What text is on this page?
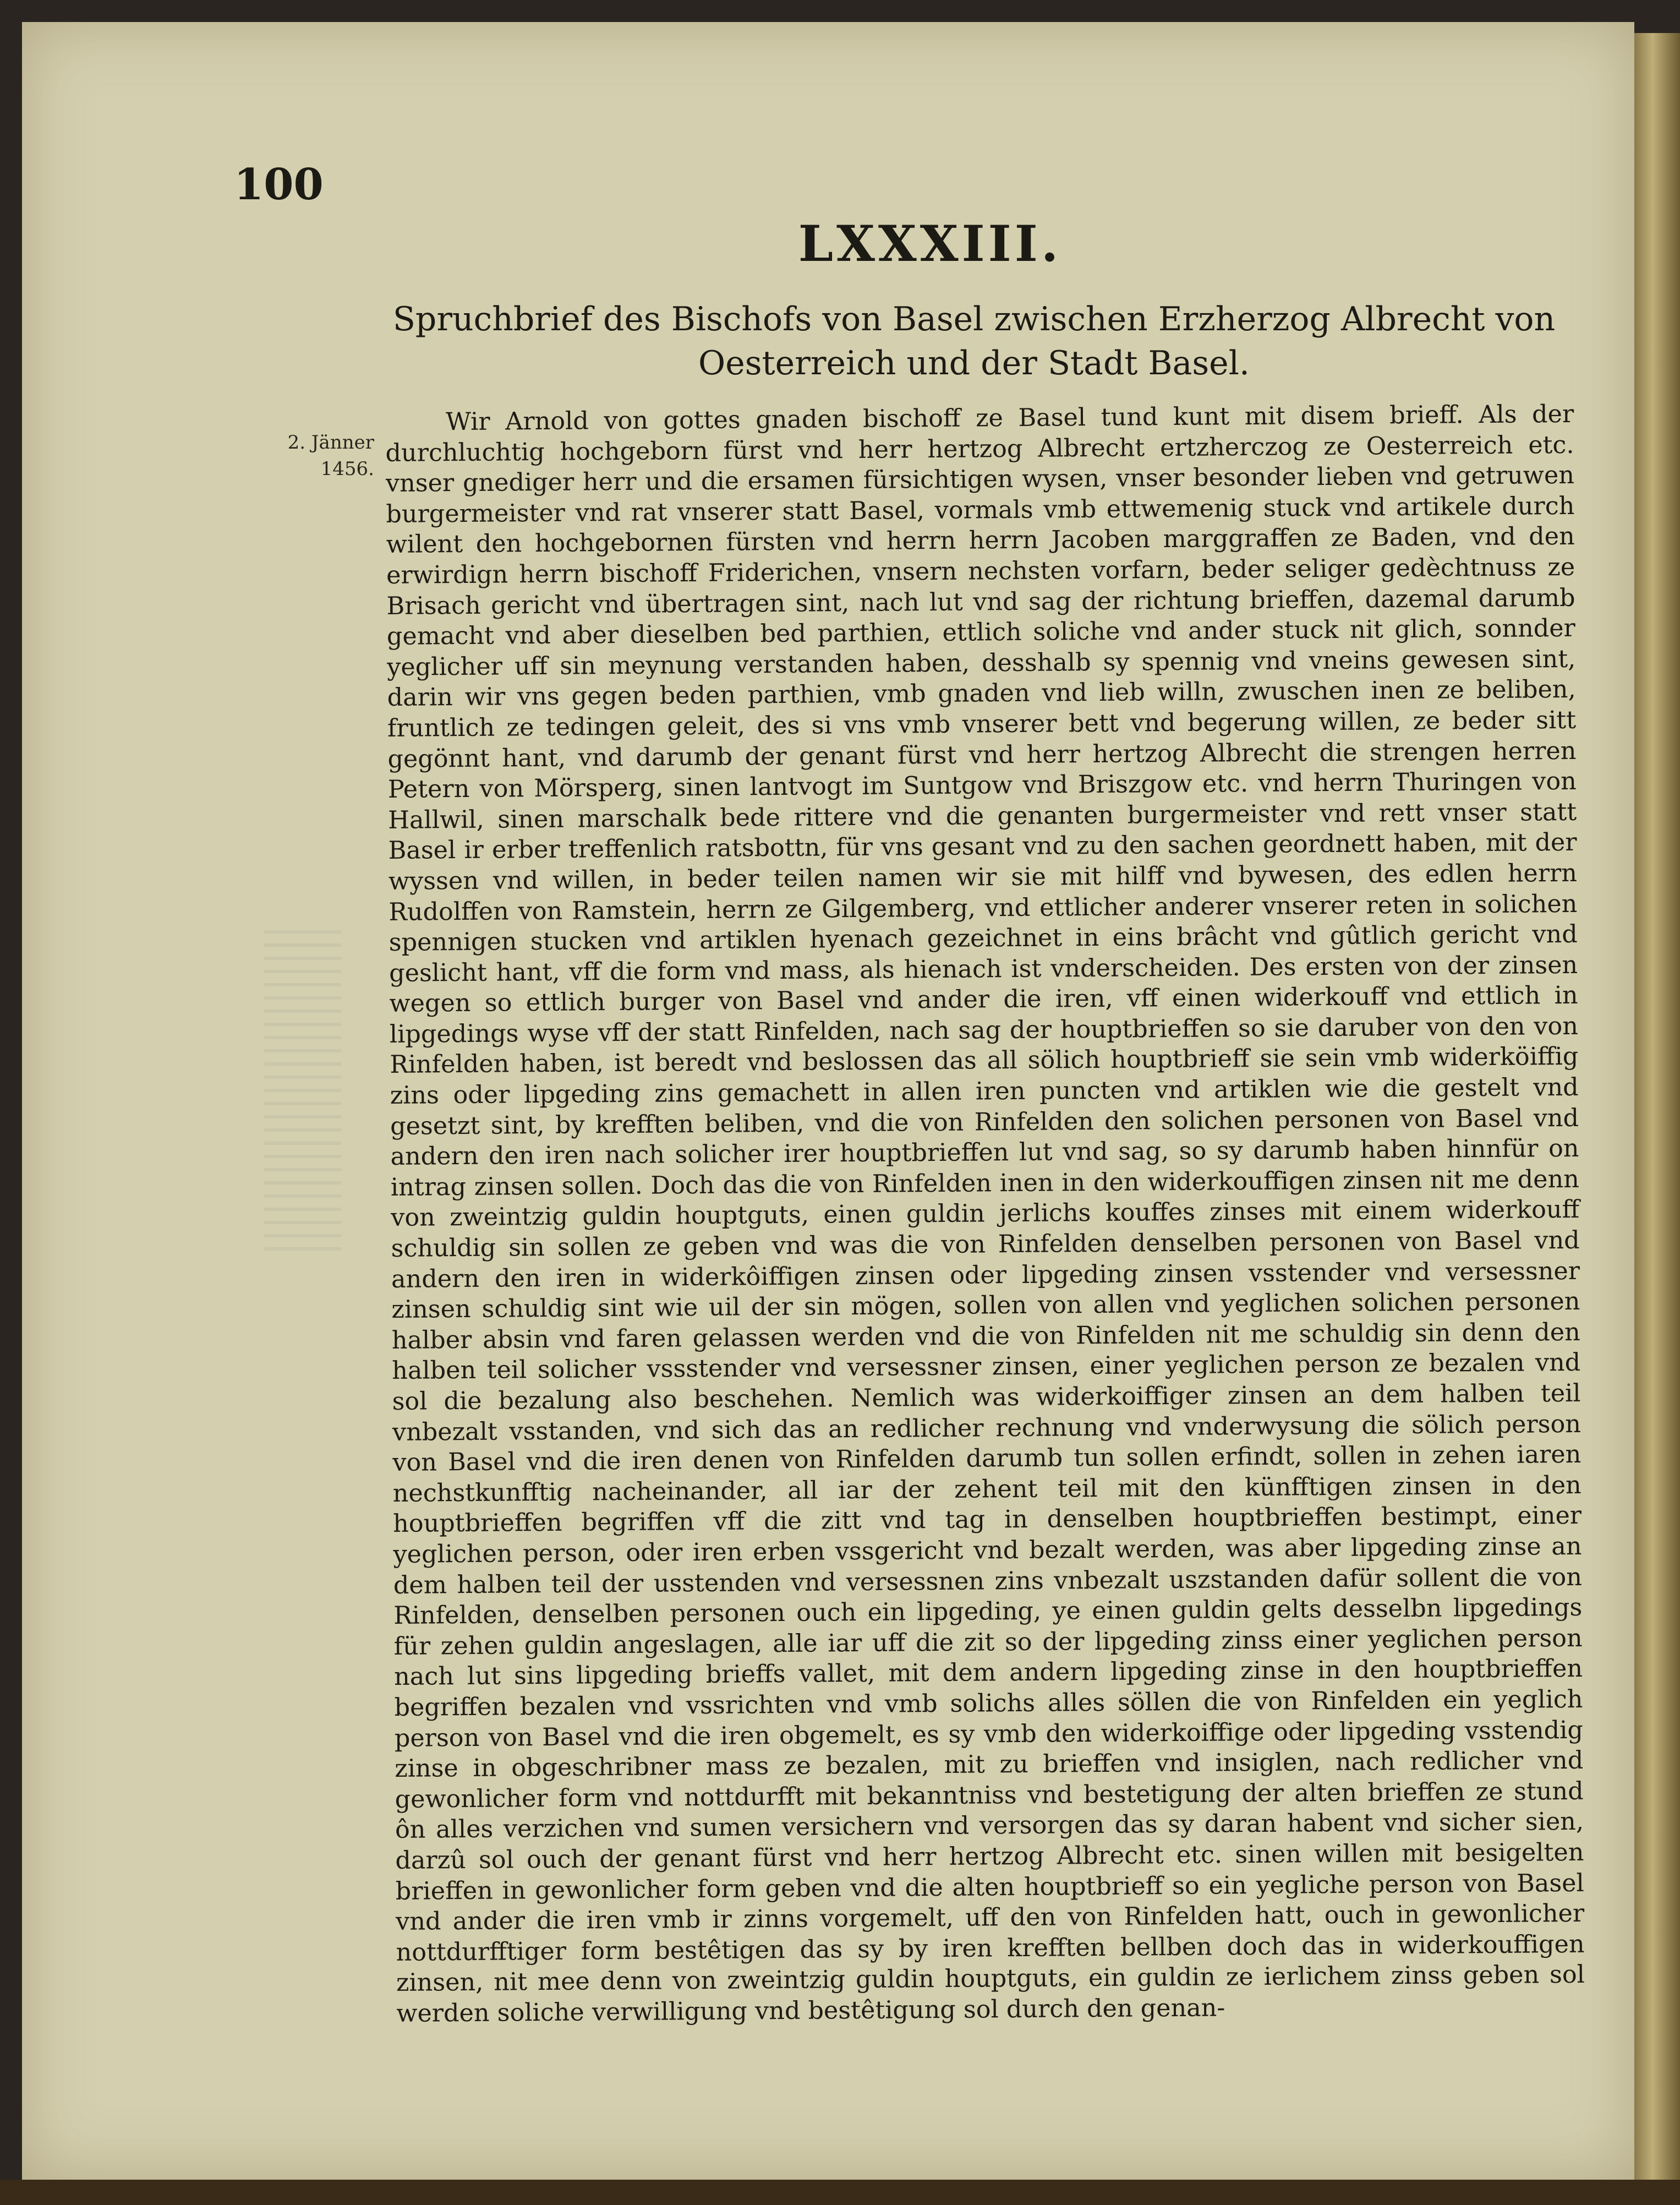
100
LXXXIII.
Spruchbrief des Bischofs von Basel zwischen Erzherzog Albrecht von Oesterreich und der Stadt Basel.
2. Jänner
1456.

Wir Arnold von gottes gnaden bischoff ze Basel tund kunt mit disem brieff. Als der durchluchtig hochgeborn fürst vnd herr hertzog Albrecht ertzherczog ze Oesterreich etc. vnser gnediger herr und die ersamen fürsichtigen wysen, vnser besonder lieben vnd getruwen burgermeister vnd rat vnserer statt Basel, vormals vmb ettwemenig stuck vnd artikele durch wilent den hochgebornen fürsten vnd herrn herrn Jacoben marggraffen ze Baden, vnd den erwirdign herrn bischoff Friderichen, vnsern nechsten vorfarn, beder seliger gedèchtnuss ze Brisach gericht vnd übertragen sint, nach lut vnd sag der richtung brieffen, dazemal darumb gemacht vnd aber dieselben bed parthien, ettlich soliche vnd ander stuck nit glich, sonnder yeglicher uff sin meynung verstanden haben, desshalb sy spennig vnd vneins gewesen sint, darin wir vns gegen beden parthien, vmb gnaden vnd lieb willn, zwuschen inen ze beliben, fruntlich ze tedingen geleit, des si vns vmb vnserer bett vnd begerung willen, ze beder sitt gegönnt hant, vnd darumb der genant fürst vnd herr hertzog Albrecht die strengen herren Petern von Mörsperg, sinen lantvogt im Suntgow vnd Briszgow etc. vnd herrn Thuringen von Hallwil, sinen marschalk bede rittere vnd die genanten burgermeister vnd rett vnser statt Basel ir erber treffenlich ratsbottn, für vns gesant vnd zu den sachen geordnett haben, mit der wyssen vnd willen, in beder teilen namen wir sie mit hilff vnd bywesen, des edlen herrn Rudolffen von Ramstein, herrn ze Gilgemberg, vnd ettlicher anderer vnserer reten in solichen spennigen stucken vnd artiklen hyenach gezeichnet in eins brâcht vnd gûtlich gericht vnd geslicht hant, vff die form vnd mass, als hienach ist vnderscheiden. Des ersten von der zinsen wegen so ettlich burger von Basel vnd ander die iren, vff einen widerkouff vnd ettlich in lipgedings wyse vff der statt Rinfelden, nach sag der houptbrieffen so sie daruber von den von Rinfelden haben, ist beredt vnd beslossen das all sölich houptbrieff sie sein vmb widerköiffig zins oder lipgeding zins gemachett in allen iren puncten vnd artiklen wie die gestelt vnd gesetzt sint, by krefften beliben, vnd die von Rinfelden den solichen personen von Basel vnd andern den iren nach solicher irer houptbrieffen lut vnd sag, so sy darumb haben hinnfür on intrag zinsen sollen. Doch das die von Rinfelden inen in den widerkouffigen zinsen nit me denn von zweintzig guldin houptguts, einen guldin jerlichs kouffes zinses mit einem widerkouff schuldig sin sollen ze geben vnd was die von Rinfelden denselben personen von Basel vnd andern den iren in widerkôiffigen zinsen oder lipgeding zinsen vsstender vnd versessner zinsen schuldig sint wie uil der sin mögen, sollen von allen vnd yeglichen solichen personen halber absin vnd faren gelassen werden vnd die von Rinfelden nit me schuldig sin denn den halben teil solicher vssstender vnd versessner zinsen, einer yeglichen person ze bezalen vnd sol die bezalung also beschehen. Nemlich was widerkoiffiger zinsen an dem halben teil vnbezalt vsstanden, vnd sich das an redlicher rechnung vnd vnderwysung die sölich person von Basel vnd die iren denen von Rinfelden darumb tun sollen erfindt, sollen in zehen iaren nechstkunfftig nacheinander, all iar der zehent teil mit den künfftigen zinsen in den houptbrieffen begriffen vff die zitt vnd tag in denselben houptbrieffen bestimpt, einer yeglichen person, oder iren erben vssgericht vnd bezalt werden, was aber lipgeding zinse an dem halben teil der usstenden vnd versessnen zins vnbezalt uszstanden dafür sollent die von Rinfelden, denselben personen ouch ein lipgeding, ye einen guldin gelts desselbn lipgedings für zehen guldin angeslagen, alle iar uff die zit so der lipgeding zinss einer yeglichen person nach lut sins lipgeding brieffs vallet, mit dem andern lipgeding zinse in den houptbrieffen begriffen bezalen vnd vssrichten vnd vmb solichs alles söllen die von Rinfelden ein yeglich person von Basel vnd die iren obgemelt, es sy vmb den widerkoiffige oder lipgeding vsstendig zinse in obgeschribner mass ze bezalen, mit zu brieffen vnd insiglen, nach redlicher vnd gewonlicher form vnd nottdurfft mit bekanntniss vnd bestetigung der alten brieffen ze stund ôn alles verzichen vnd sumen versichern vnd versorgen das sy daran habent vnd sicher sien, darzû sol ouch der genant fürst vnd herr hertzog Albrecht etc. sinen willen mit besigelten brieffen in gewonlicher form geben vnd die alten houptbrieff so ein yegliche person von Basel vnd ander die iren vmb ir zinns vorgemelt, uff den von Rinfelden hatt, ouch in gewonlicher nottdurfftiger form bestêtigen das sy by iren krefften bellben doch das in widerkouffigen zinsen, nit mee denn von zweintzig guldin houptguts, ein guldin ze ierlichem zinss geben sol werden soliche verwilligung vnd bestêtigung sol durch den genan-
